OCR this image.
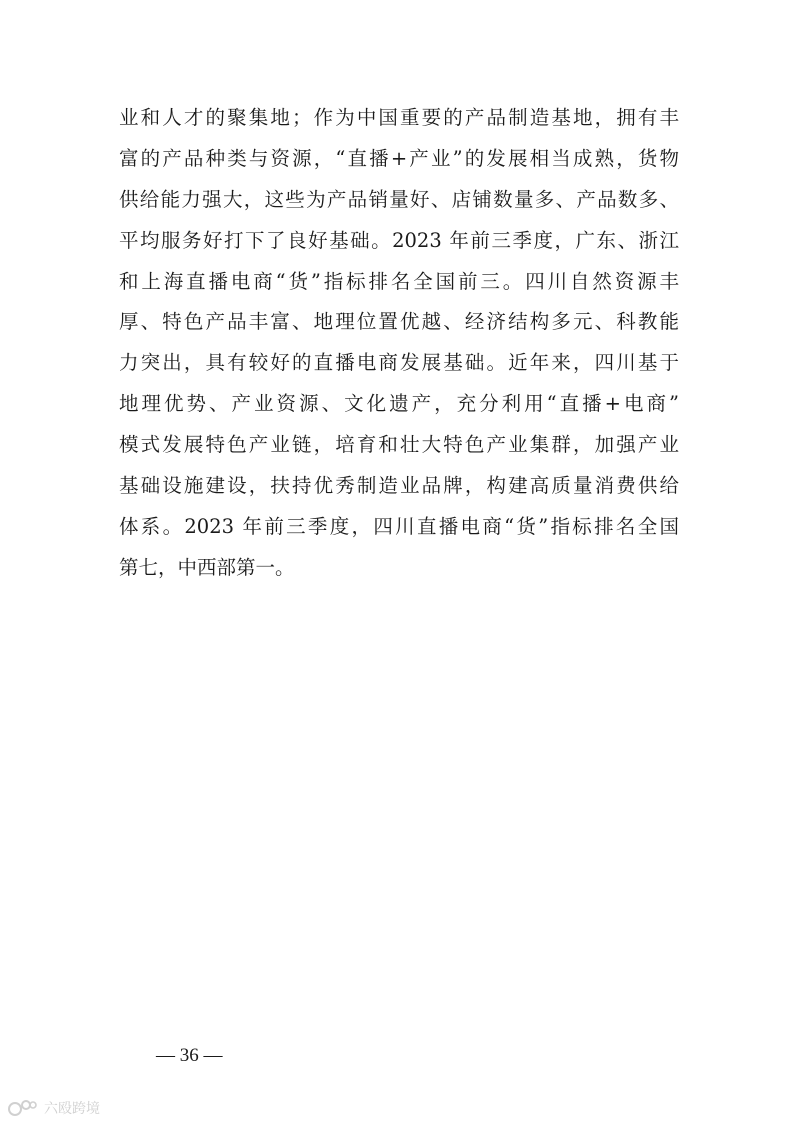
业和人才的聚集地；作为中国重要的产品制造基地，拥有丰
富的产品种类与资源，“直播+产业”的发展相当成熟，货物
供给能力强大，这些为产品销量好、店铺数量多、产品数多、
平均服务好打下了良好基础。2023 年前三季度，广东、浙江
和上海直播电商“货”指标排名全国前三。四川自然资源丰
厚、特色产品丰富、地理位置优越、经济结构多元、科教能
力突出，具有较好的直播电商发展基础。近年来，四川基于
地理优势、产业资源、文化遗产，充分利用“直播+电商”
模式发展特色产业链，培育和壮大特色产业集群，加强产业
基础设施建设，扶持优秀制造业品牌，构建高质量消费供给
体系。2023 年前三季度，四川直播电商“货”指标排名全国
第七，中西部第一。
— 36 —
六殴跨境
